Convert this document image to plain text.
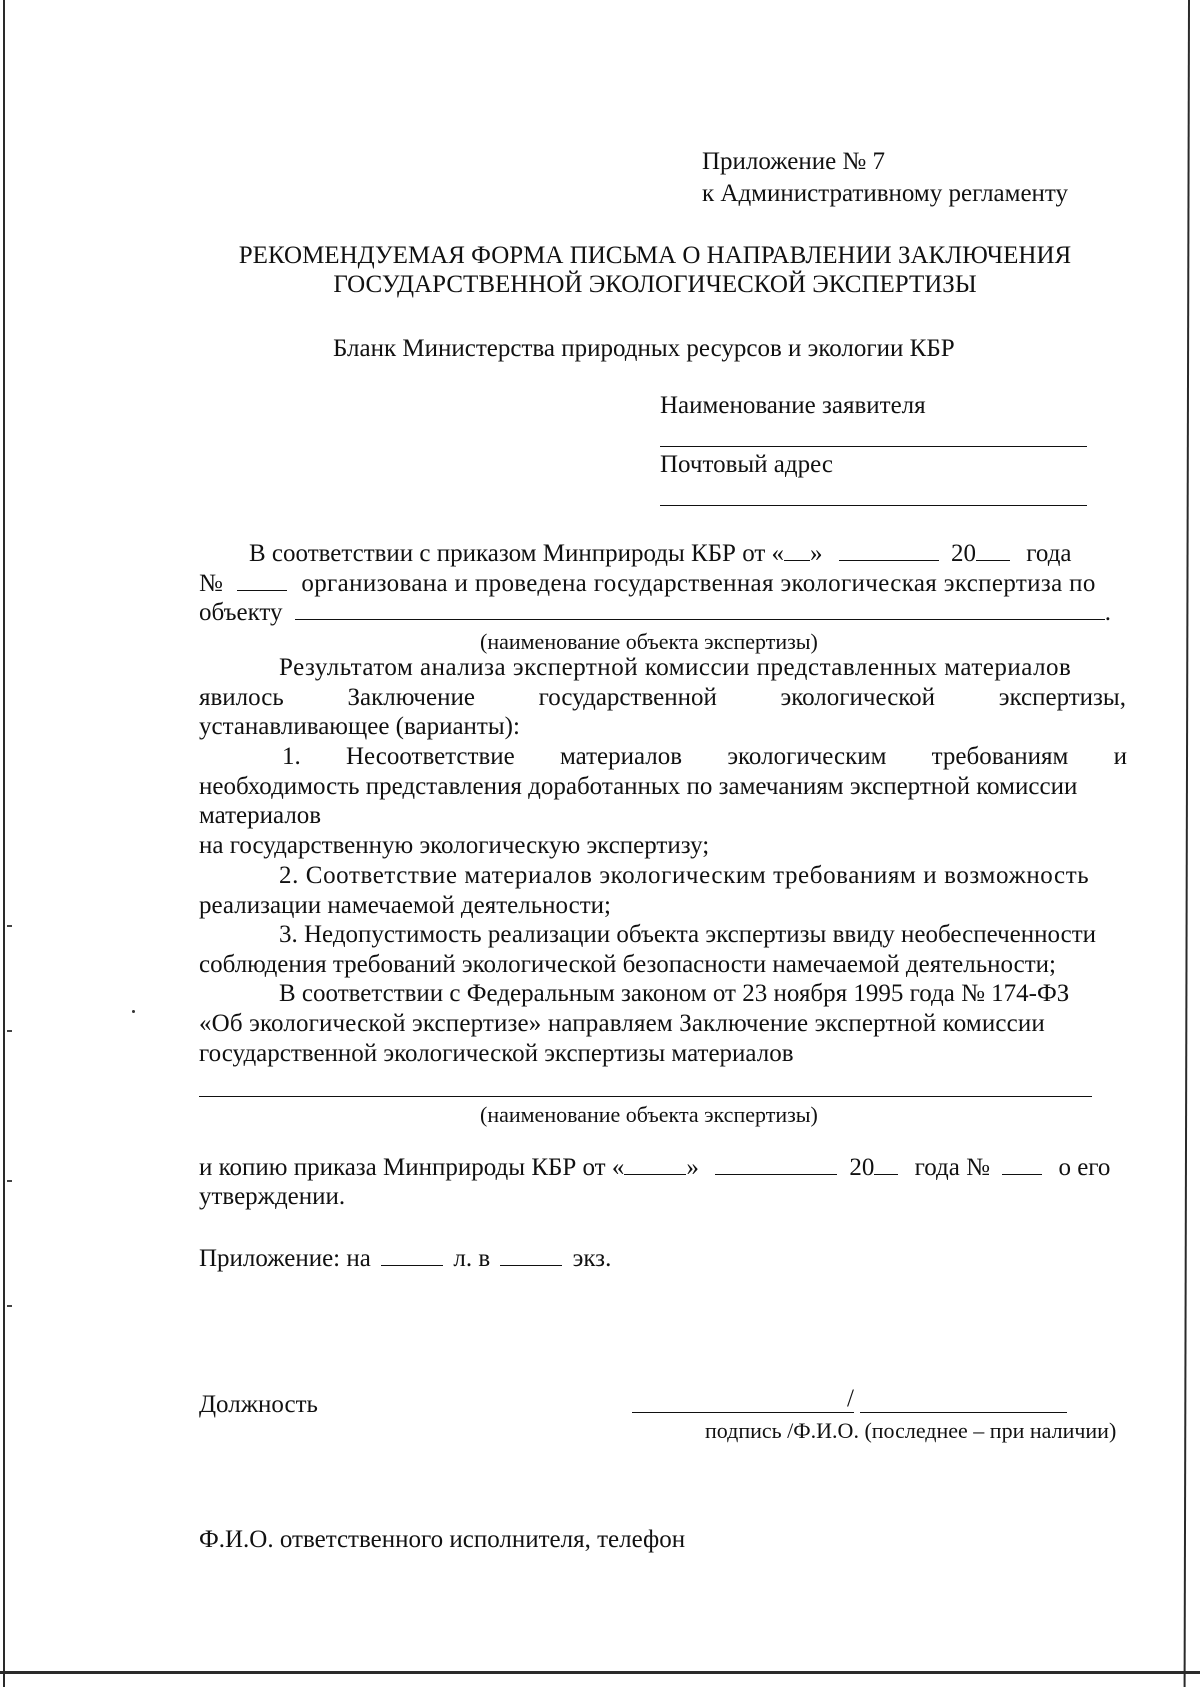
Приложение № 7
к Административному регламенту
РЕКОМЕНДУЕМАЯ ФОРМА ПИСЬМА О НАПРАВЛЕНИИ ЗАКЛЮЧЕНИЯ
ГОСУДАРСТВЕННОЙ ЭКОЛОГИЧЕСКОЙ ЭКСПЕРТИЗЫ
Бланк Министерства природных ресурсов и экологии КБР
Наименование заявителя
Почтовый адрес
В соответствии с приказом Минприроды КБР от « »	20 года
№	организована и проведена государственная экологическая экспертиза по
объекту	.
(наименование объекта экспертизы)
Результатом анализа экспертной комиссии представленных материалов
явилось	Заключение	государственной	экологической	экспертизы,
устанавливающее (варианты):
1. Несоответствие материалов экологическим требованиям и
необходимость представления доработанных по замечаниям экспертной комиссии
материалов
на государственную экологическую экспертизу;
2. Соответствие материалов экологическим требованиям и возможность
реализации намечаемой деятельности;
3. Недопустимость реализации объекта экспертизы ввиду необеспеченности
соблюдения требований экологической безопасности намечаемой деятельности;
В соответствии с Федеральным законом от 23 ноября 1995 года № 174-ФЗ
«Об экологической экспертизе» направляем Заключение экспертной комиссии
государственной экологической экспертизы материалов
(наименование объекта экспертизы)
и копию приказа Минприроды КБР от « »	20 года №	о его
утверждении.
Приложение: на	л. в	экз.
Должность	/
подпись /Ф.И.О. (последнее – при наличии)
Ф.И.О. ответственного исполнителя, телефон
